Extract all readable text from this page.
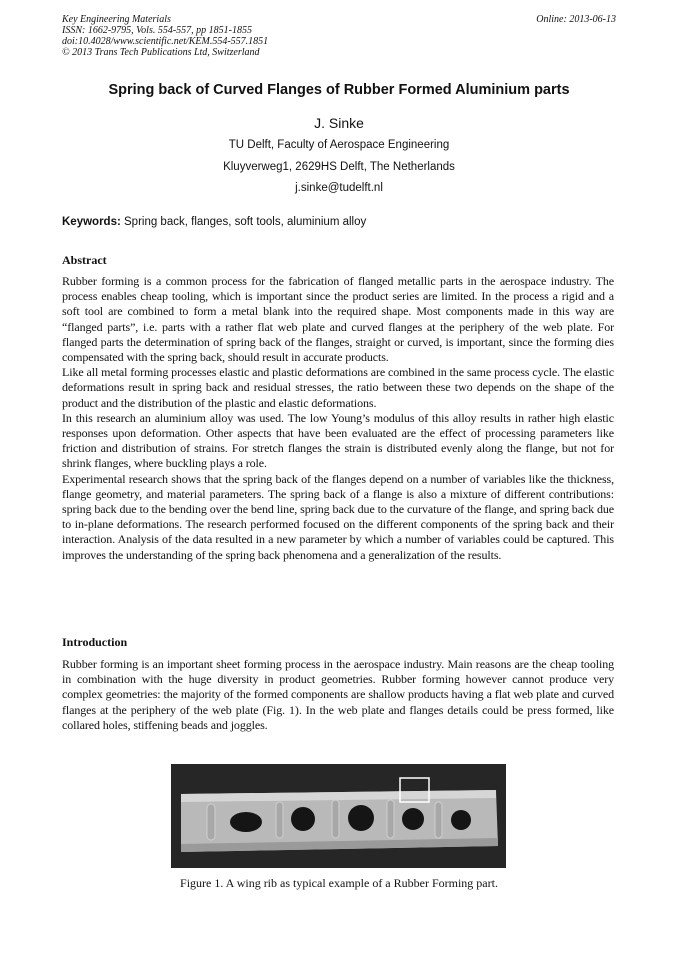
Key Engineering Materials
ISSN: 1662-9795, Vols. 554-557, pp 1851-1855
doi:10.4028/www.scientific.net/KEM.554-557.1851
© 2013 Trans Tech Publications Ltd, Switzerland
Online: 2013-06-13
Spring back of Curved Flanges of Rubber Formed Aluminium parts
J. Sinke
TU Delft, Faculty of Aerospace Engineering
Kluyverweg1, 2629HS Delft, The Netherlands
j.sinke@tudelft.nl
Keywords: Spring back, flanges, soft tools, aluminium alloy
Abstract

Rubber forming is a common process for the fabrication of flanged metallic parts in the aerospace industry. The process enables cheap tooling, which is important since the product series are limited. In the process a rigid and a soft tool are combined to form a metal blank into the required shape. Most components made in this way are “flanged parts”, i.e. parts with a rather flat web plate and curved flanges at the periphery of the web plate. For flanged parts the determination of spring back of the flanges, straight or curved, is important, since the forming dies compensated with the spring back, should result in accurate products.

Like all metal forming processes elastic and plastic deformations are combined in the same process cycle. The elastic deformations result in spring back and residual stresses, the ratio between these two depends on the shape of the product and the distribution of the plastic and elastic deformations.

In this research an aluminium alloy was used. The low Young’s modulus of this alloy results in rather high elastic responses upon deformation. Other aspects that have been evaluated are the effect of processing parameters like friction and distribution of strains. For stretch flanges the strain is distributed evenly along the flange, but not for shrink flanges, where buckling plays a role.

Experimental research shows that the spring back of the flanges depend on a number of variables like the thickness, flange geometry, and material parameters. The spring back of a flange is also a mixture of different contributions: spring back due to the bending over the bend line, spring back due to the curvature of the flange, and spring back due to in-plane deformations. The research performed focused on the different components of the spring back and their interaction. Analysis of the data resulted in a new parameter by which a number of variables could be captured. This improves the understanding of the spring back phenomena and a generalization of the results.

Introduction

Rubber forming is an important sheet forming process in the aerospace industry. Main reasons are the cheap tooling in combination with the huge diversity in product geometries. Rubber forming however cannot produce very complex geometries: the majority of the formed components are shallow products having a flat web plate and curved flanges at the periphery of the web plate (Fig. 1). In the web plate and flanges details could be press formed, like collared holes, stiffening beads and joggles.

Figure 1. A wing rib as typical example of a Rubber Forming part.
